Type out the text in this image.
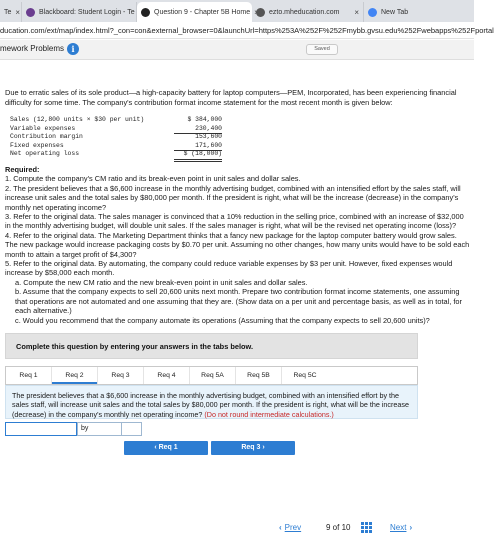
Te ×	Blackboard: Student Login - Te	Question 9 - Chapter 5B Home	ezto.mheducation.com	×	New Tab
ducation.com/ext/map/index.html?_con=con&external_browser=0&launchUrl=https%253A%252F%252Fmybb.gvsu.edu%252Fwebapps%252Fportal
mework Problems i	Saved
Due to erratic sales of its sole product—a high-capacity battery for laptop computers—PEM, Incorporated, has been experiencing financial difficulty for some time. The company's contribution format income statement for the most recent month is given below:
Sales (12,800 units × $30 per unit)	$ 384,000
Variable expenses	230,400
Contribution margin	153,600
Fixed expenses	171,600
Net operating loss	$ (18,000)
Required:
1. Compute the company's CM ratio and its break-even point in unit sales and dollar sales.
2. The president believes that a $6,600 increase in the monthly advertising budget, combined with an intensified effort by the sales staff, will increase unit sales and the total sales by $80,000 per month. If the president is right, what will be the increase (decrease) in the company's monthly net operating income?
3. Refer to the original data. The sales manager is convinced that a 10% reduction in the selling price, combined with an increase of $32,000 in the monthly advertising budget, will double unit sales. If the sales manager is right, what will be the revised net operating income (loss)?
4. Refer to the original data. The Marketing Department thinks that a fancy new package for the laptop computer battery would grow sales. The new package would increase packaging costs by $0.70 per unit. Assuming no other changes, how many units would have to be sold each month to attain a target profit of $4,300?
5. Refer to the original data. By automating, the company could reduce variable expenses by $3 per unit. However, fixed expenses would increase by $58,000 each month.
a. Compute the new CM ratio and the new break-even point in unit sales and dollar sales.
b. Assume that the company expects to sell 20,600 units next month. Prepare two contribution format income statements, one assuming that operations are not automated and one assuming that they are. (Show data on a per unit and percentage basis, as well as in total, for each alternative.)
c. Would you recommend that the company automate its operations (Assuming that the company expects to sell 20,600 units)?
Complete this question by entering your answers in the tabs below.
Req 1	Req 2	Req 3	Req 4	Req 5A	Req 5B	Req 5C
The president believes that a $6,600 increase in the monthly advertising budget, combined with an intensified effort by the sales staff, will increase unit sales and the total sales by $80,000 per month. If the president is right, what will be the increase (decrease) in the company's monthly net operating income? (Do not round intermediate calculations.)
by
‹ Req 1	Req 3 ›
‹ Prev	9 of 10	Next ›
